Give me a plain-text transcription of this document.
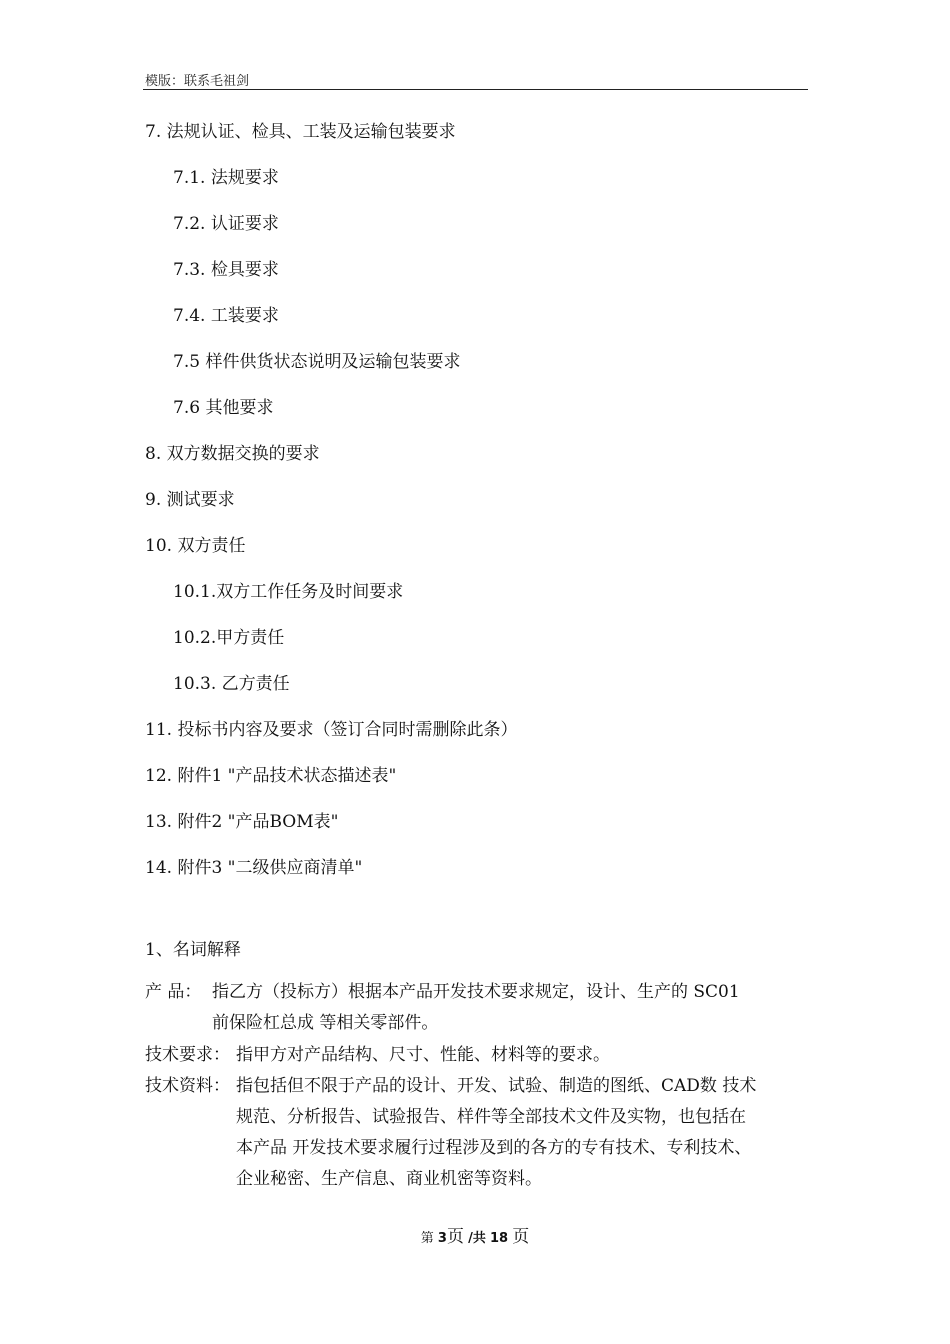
模版：联系毛祖剑
7. 法规认证、检具、工装及运输包装要求
7.1. 法规要求
7.2. 认证要求
7.3. 检具要求
7.4. 工装要求
7.5 样件供货状态说明及运输包装要求
7.6 其他要求
8. 双方数据交换的要求
9. 测试要求
10. 双方责任
10.1.双方工作任务及时间要求
10.2.甲方责任
10.3. 乙方责任
11. 投标书内容及要求（签订合同时需删除此条）
12. 附件1 "产品技术状态描述表"
13. 附件2 "产品BOM表"
14. 附件3 "二级供应商清单"
1、名词解释
产 品： 指乙方（投标方）根据本产品开发技术要求规定，设计、生产的 SC01
前保险杠总成 等相关零部件。
技术要求： 指甲方对产品结构、尺寸、性能、材料等的要求。
技术资料： 指包括但不限于产品的设计、开发、试验、制造的图纸、CAD数 技术
规范、分析报告、试验报告、样件等全部技术文件及实物，也包括在
本产品 开发技术要求履行过程涉及到的各方的专有技术、专利技术、
企业秘密、生产信息、商业机密等资料。
第 3页 /共 18 页
